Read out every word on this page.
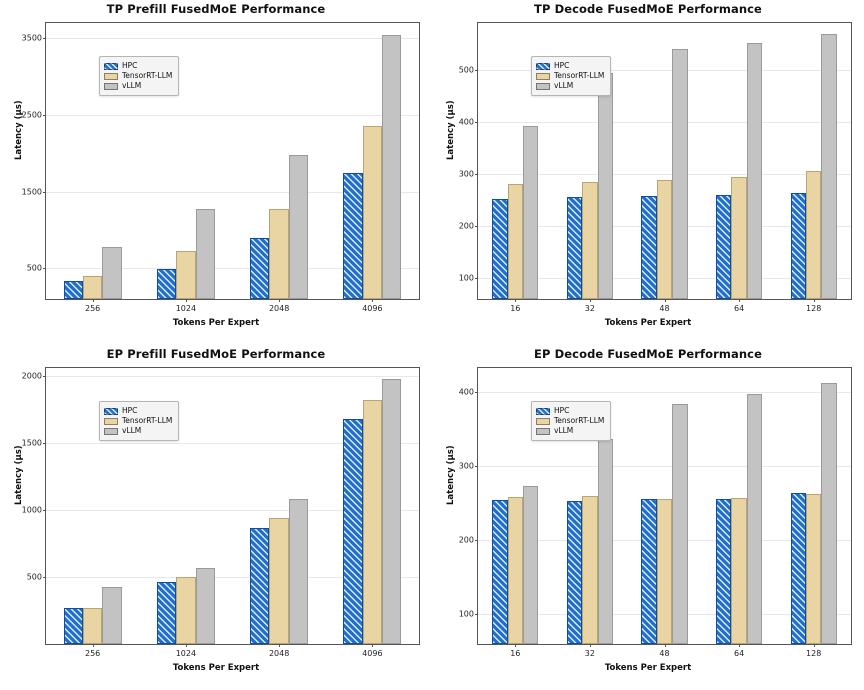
TP Prefill FusedMoE Performance
500
1500
2500
3500
256	1024	2048	4096
Tokens Per Expert
Latency (µs)
HPC
TensorRT-LLM
vLLM
TP Decode FusedMoE Performance
100
200
300
400
500
16	32	48	64	128
Tokens Per Expert
Latency (µs)
HPC
TensorRT-LLM
vLLM
EP Prefill FusedMoE Performance
500
1000
1500
2000
256	1024	2048	4096
Tokens Per Expert
Latency (µs)
HPC
TensorRT-LLM
vLLM
EP Decode FusedMoE Performance
100
200
300
400
16	32	48	64	128
Tokens Per Expert
Latency (µs)
HPC
TensorRT-LLM
vLLM
